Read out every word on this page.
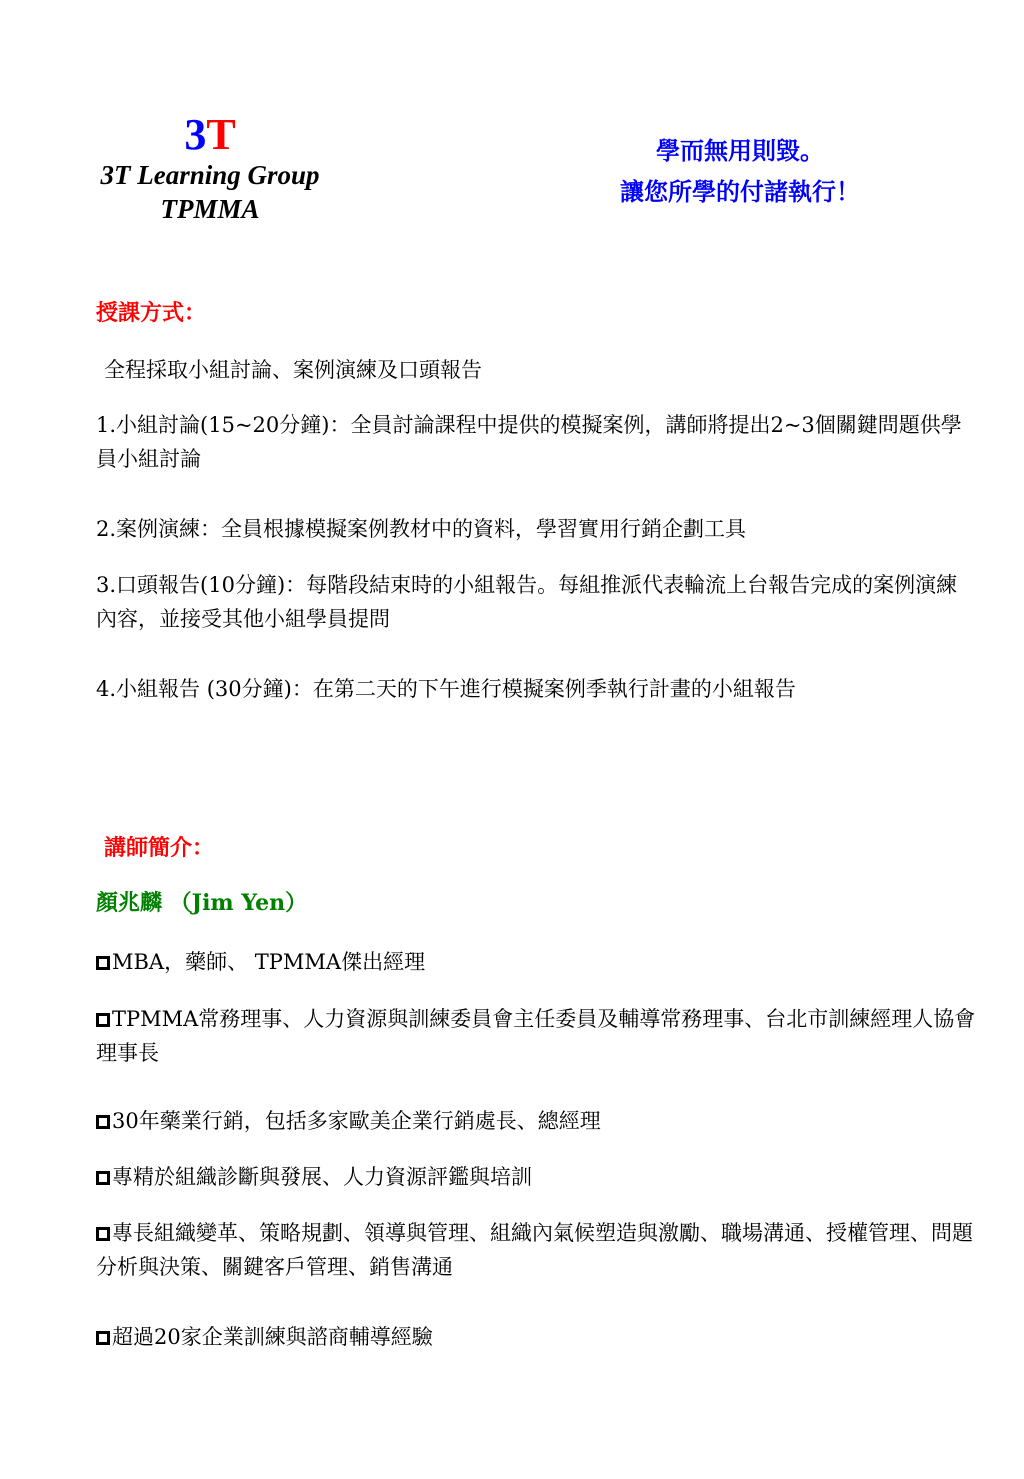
3T
3T Learning Group
TPMMA
學而無用則毀。
讓您所學的付諸執行！
授課方式：
全程採取小組討論、案例演練及口頭報告
1.小組討論(15~20分鐘)：全員討論課程中提供的模擬案例，講師將提出2~3個關鍵問題供學員小組討論
2.案例演練：全員根據模擬案例教材中的資料，學習實用行銷企劃工具
3.口頭報告(10分鐘)：每階段結束時的小組報告。每組推派代表輪流上台報告完成的案例演練內容，並接受其他小組學員提問
4.小組報告 (30分鐘)：在第二天的下午進行模擬案例季執行計畫的小組報告
講師簡介：
顏兆麟 （Jim Yen）
MBA，藥師、 TPMMA傑出經理
TPMMA常務理事、人力資源與訓練委員會主任委員及輔導常務理事、台北市訓練經理人協會理事長
30年藥業行銷，包括多家歐美企業行銷處長、總經理
專精於組織診斷與發展、人力資源評鑑與培訓
專長組織變革、策略規劃、領導與管理、組織內氣候塑造與激勵、職場溝通、授權管理、問題分析與決策、關鍵客戶管理、銷售溝通
超過20家企業訓練與諮商輔導經驗
